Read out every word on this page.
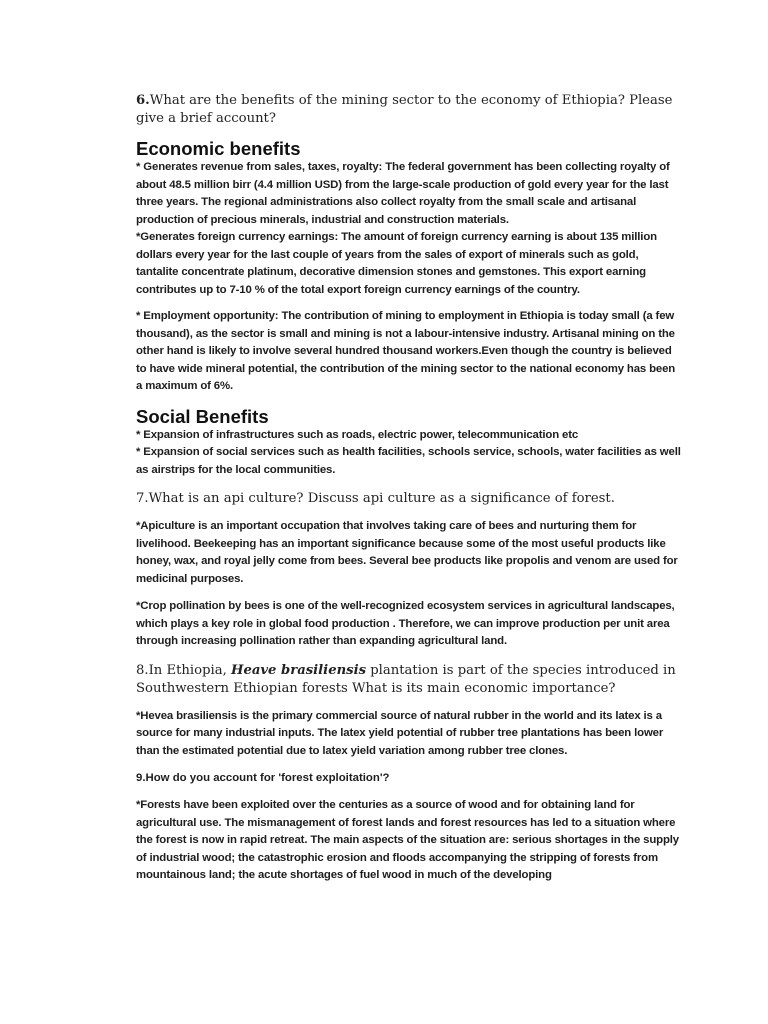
6.What are the benefits of the mining sector to the economy of Ethiopia? Please give a brief account?

Economic benefits

* Generates revenue from sales, taxes, royalty: The federal government has been collecting royalty of about 48.5 million birr (4.4 million USD) from the large-scale production of gold every year for the last three years. The regional administrations also collect royalty from the small scale and artisanal production of precious minerals, industrial and construction materials.

*Generates foreign currency earnings: The amount of foreign currency earning is about 135 million dollars every year for the last couple of years from the sales of export of minerals such as gold, tantalite concentrate platinum, decorative dimension stones and gemstones. This export earning contributes up to 7-10 % of the total export foreign currency earnings of the country.

* Employment opportunity: The contribution of mining to employment in Ethiopia is today small (a few thousand), as the sector is small and mining is not a labour-intensive industry. Artisanal mining on the other hand is likely to involve several hundred thousand workers.Even though the country is believed to have wide mineral potential, the contribution of the mining sector to the national economy has been a maximum of 6%.

Social Benefits

* Expansion of infrastructures such as roads, electric power, telecommunication etc

* Expansion of social services such as health facilities, schools service, schools, water facilities as well as airstrips for the local communities.

7.What is an api culture? Discuss api culture as a significance of forest.

*Apiculture is an important occupation that involves taking care of bees and nurturing them for livelihood. Beekeeping has an important significance because some of the most useful products like honey, wax, and royal jelly come from bees. Several bee products like propolis and venom are used for medicinal purposes.

*Crop pollination by bees is one of the well-recognized ecosystem services in agricultural landscapes, which plays a key role in global food production . Therefore, we can improve production per unit area through increasing pollination rather than expanding agricultural land.

8.In Ethiopia, Heave brasiliensis plantation is part of the species introduced in Southwestern Ethiopian forests What is its main economic importance?

*Hevea brasiliensis is the primary commercial source of natural rubber in the world and its latex is a source for many industrial inputs. The latex yield potential of rubber tree plantations has been lower than the estimated potential due to latex yield variation among rubber tree clones.

9.How do you account for 'forest exploitation'?

*Forests have been exploited over the centuries as a source of wood and for obtaining land for agricultural use. The mismanagement of forest lands and forest resources has led to a situation where the forest is now in rapid retreat. The main aspects of the situation are: serious shortages in the supply of industrial wood; the catastrophic erosion and floods accompanying the stripping of forests from mountainous land; the acute shortages of fuel wood in much of the developing
